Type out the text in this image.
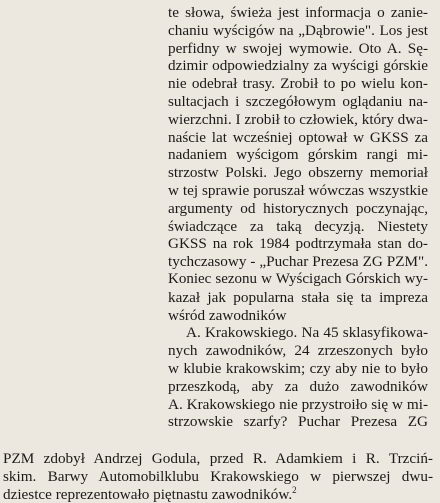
te słowa, świeża jest informacja o zanie-
chaniu wyścigów na „Dąbrowie". Los jest
perfidny w swojej wymowie. Oto A. Sę-
dzimir odpowiedzialny za wyścigi górskie
nie odebrał trasy. Zrobił to po wielu kon-
sultacjach i szczegółowym oglądaniu na-
wierzchni. I zrobił to człowiek, który dwa-
naście lat wcześniej optował w GKSS za
nadaniem wyścigom górskim rangi mi-
strzostw Polski. Jego obszerny memoriał
w tej sprawie poruszał wówczas wszystkie
argumenty od historycznych poczynając,
świadczące za taką decyzją. Niestety
GKSS na rok 1984 podtrzymała stan do-
tychczasowy - „Puchar Prezesa ZG PZM".
Koniec sezonu w Wyścigach Górskich wy-
kazał jak popularna stała się ta impreza
wśród zawodników
A. Krakowskiego. Na 45 sklasyfikowa-
nych zawodników, 24 zrzeszonych było
w klubie krakowskim; czy aby nie to było
przeszkodą, aby za dużo zawodników
A. Krakowskiego nie przystroiło się w mi-
strzowskie szarfy? Puchar Prezesa ZG
PZM zdobył Andrzej Godula, przed R. Adamkiem i R. Trzciń-
skim. Barwy Automobilklubu Krakowskiego w pierwszej dwu-
dziestce reprezentowało piętnastu zawodników.$^2$
